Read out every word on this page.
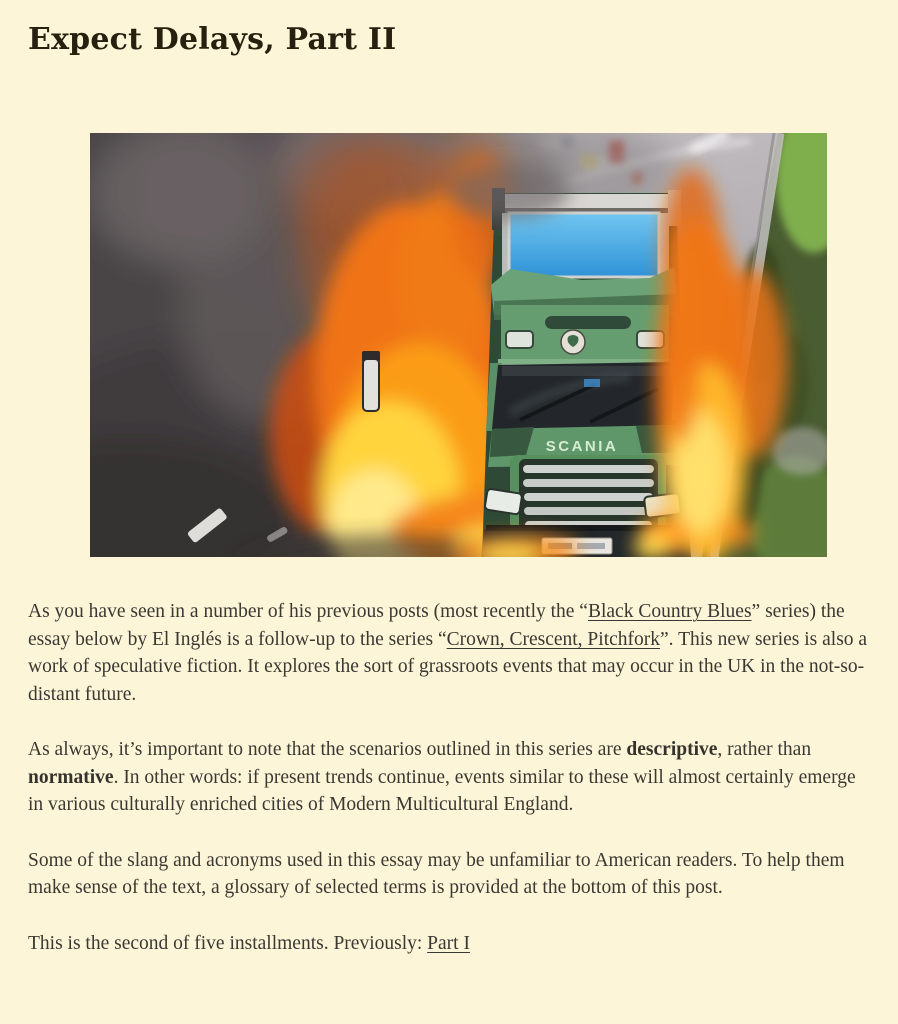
Expect Delays, Part II
SCANIA

As you have seen in a number of his previous posts (most recently the “Black Country Blues” series) the essay below by El Inglés is a follow-up to the series “Crown, Crescent, Pitchfork”. This new series is also a work of speculative fiction. It explores the sort of grassroots events that may occur in the UK in the not-so-distant future.

As always, it’s important to note that the scenarios outlined in this series are descriptive, rather than normative. In other words: if present trends continue, events similar to these will almost certainly emerge in various culturally enriched cities of Modern Multicultural England.

Some of the slang and acronyms used in this essay may be unfamiliar to American readers. To help them make sense of the text, a glossary of selected terms is provided at the bottom of this post.

This is the second of five installments. Previously: Part I
